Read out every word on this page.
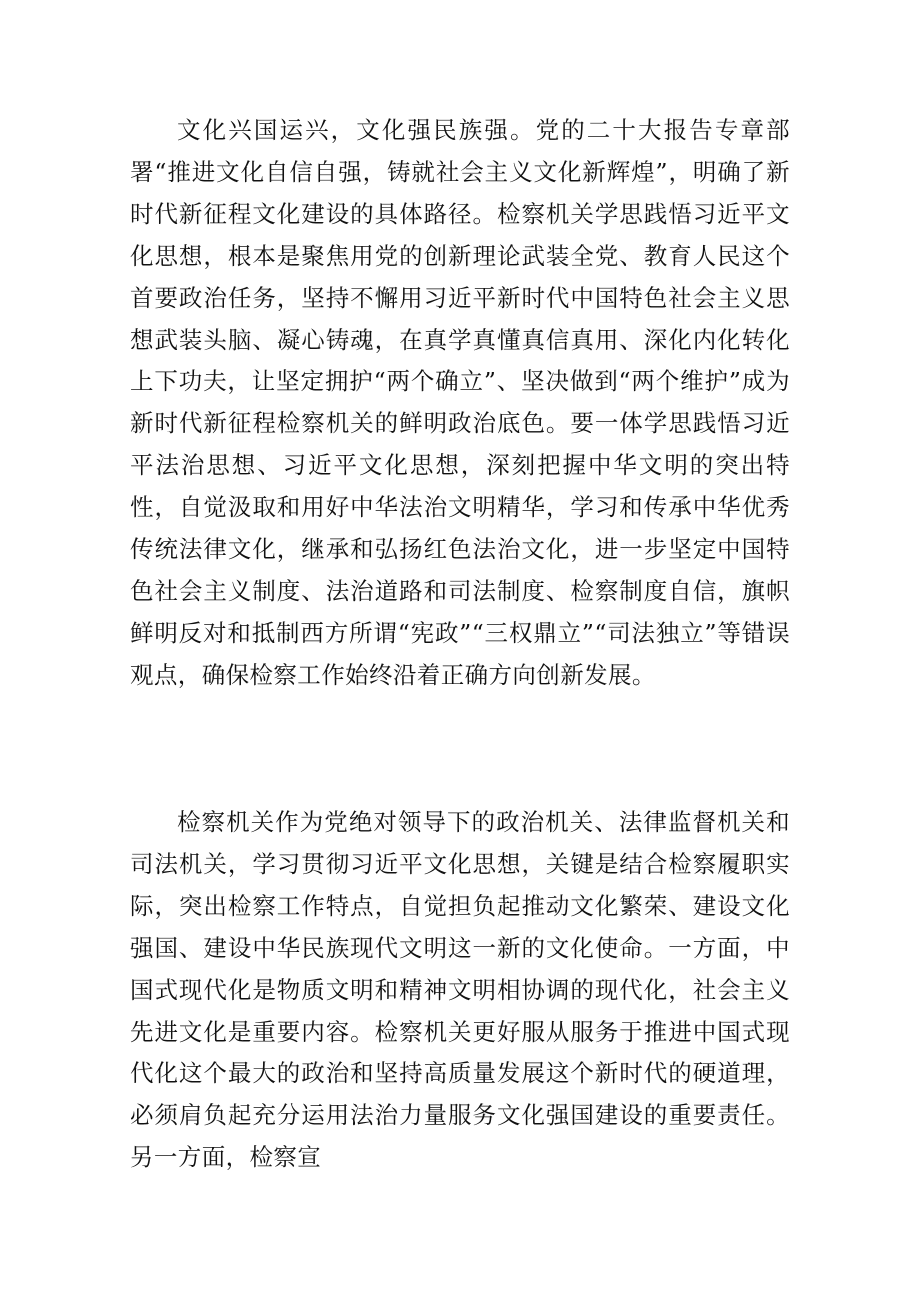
文化兴国运兴，文化强民族强。党的二十大报告专章部署“推进文化自信自强，铸就社会主义文化新辉煌”，明确了新时代新征程文化建设的具体路径。检察机关学思践悟习近平文化思想，根本是聚焦用党的创新理论武装全党、教育人民这个首要政治任务，坚持不懈用习近平新时代中国特色社会主义思想武装头脑、凝心铸魂，在真学真懂真信真用、深化内化转化上下功夫，让坚定拥护“两个确立”、坚决做到“两个维护”成为新时代新征程检察机关的鲜明政治底色。要一体学思践悟习近平法治思想、习近平文化思想，深刻把握中华文明的突出特性，自觉汲取和用好中华法治文明精华，学习和传承中华优秀传统法律文化，继承和弘扬红色法治文化，进一步坚定中国特色社会主义制度、法治道路和司法制度、检察制度自信，旗帜鲜明反对和抵制西方所谓“宪政”“三权鼎立”“司法独立”等错误观点，确保检察工作始终沿着正确方向创新发展。

检察机关作为党绝对领导下的政治机关、法律监督机关和司法机关，学习贯彻习近平文化思想，关键是结合检察履职实际，突出检察工作特点，自觉担负起推动文化繁荣、建设文化强国、建设中华民族现代文明这一新的文化使命。一方面，中国式现代化是物质文明和精神文明相协调的现代化，社会主义先进文化是重要内容。检察机关更好服从服务于推进中国式现代化这个最大的政治和坚持高质量发展这个新时代的硬道理，必须肩负起充分运用法治力量服务文化强国建设的重要责任。另一方面，检察宣
